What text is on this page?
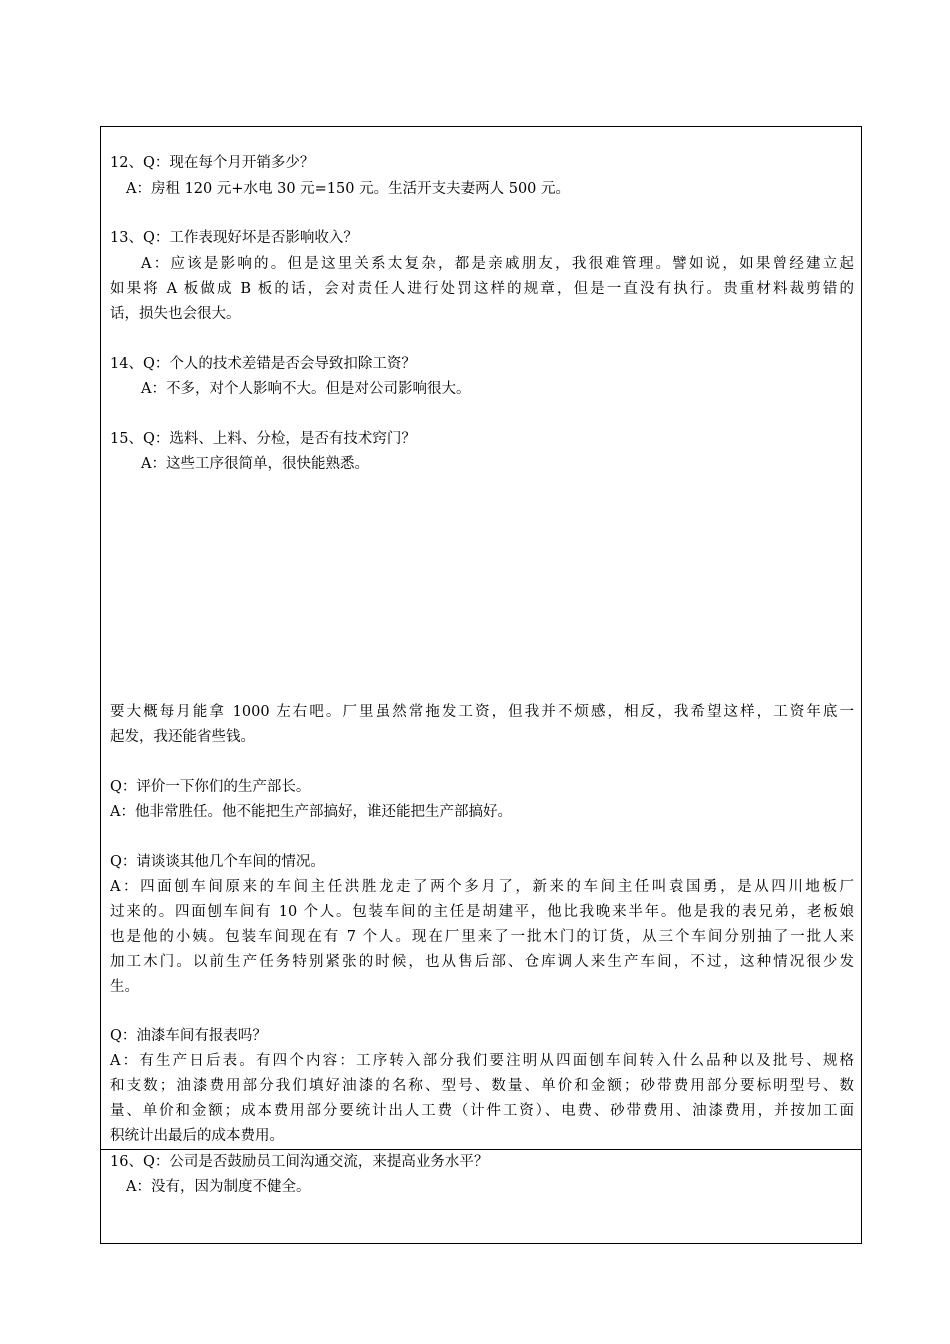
12、Q：现在每个月开销多少？
A：房租 120 元+水电 30 元=150 元。生活开支夫妻两人 500 元。
13、Q：工作表现好坏是否影响收入？
A：应该是影响的。但是这里关系太复杂，都是亲戚朋友，我很难管理。譬如说，如果曾经建立起
如果将 A 板做成 B 板的话，会对责任人进行处罚这样的规章，但是一直没有执行。贵重材料裁剪错的
话，损失也会很大。
14、Q：个人的技术差错是否会导致扣除工资？
A：不多，对个人影响不大。但是对公司影响很大。
15、Q：选料、上料、分检，是否有技术窍门？
A：这些工序很简单，很快能熟悉。
要大概每月能拿 1000 左右吧。厂里虽然常拖发工资，但我并不烦感，相反，我希望这样，工资年底一
起发，我还能省些钱。
Q：评价一下你们的生产部长。
A：他非常胜任。他不能把生产部搞好，谁还能把生产部搞好。
Q：请谈谈其他几个车间的情况。
A：四面刨车间原来的车间主任洪胜龙走了两个多月了，新来的车间主任叫袁国勇，是从四川地板厂
过来的。四面刨车间有 10 个人。包装车间的主任是胡建平，他比我晚来半年。他是我的表兄弟，老板娘
也是他的小姨。包装车间现在有 7 个人。现在厂里来了一批木门的订货，从三个车间分别抽了一批人来
加工木门。以前生产任务特别紧张的时候，也从售后部、仓库调人来生产车间，不过，这种情况很少发
生。
Q：油漆车间有报表吗？
A：有生产日后表。有四个内容：工序转入部分我们要注明从四面刨车间转入什么品种以及批号、规格
和支数；油漆费用部分我们填好油漆的名称、型号、数量、单价和金额；砂带费用部分要标明型号、数
量、单价和金额；成本费用部分要统计出人工费（计件工资）、电费、砂带费用、油漆费用，并按加工面
积统计出最后的成本费用。
16、Q：公司是否鼓励员工间沟通交流，来提高业务水平？
A：没有，因为制度不健全。
